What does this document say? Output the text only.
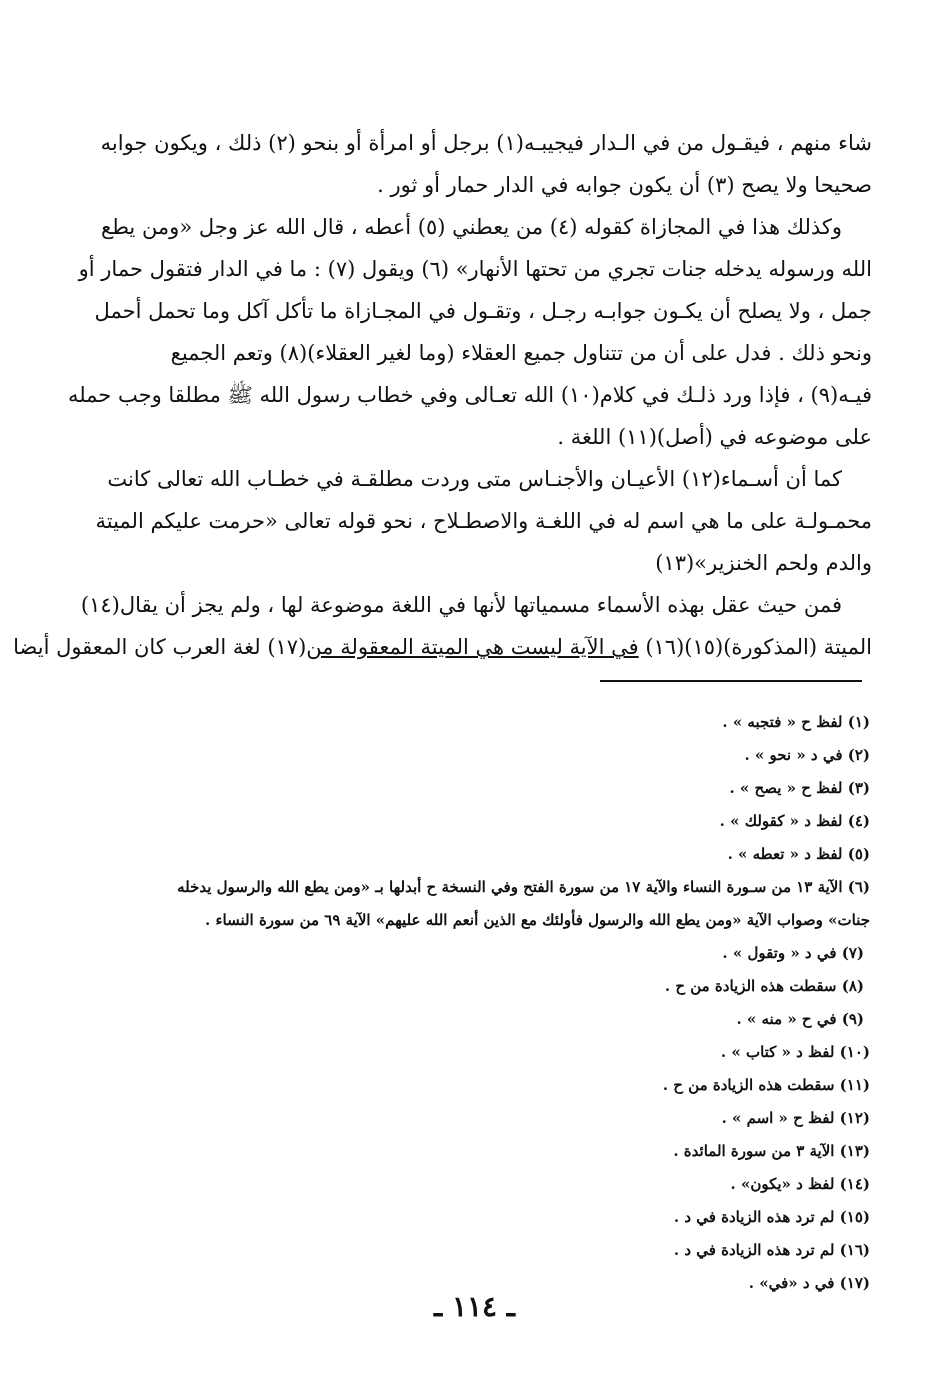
شاء منهم ، فيقـول من في الـدار فيجيبـه(١) برجل أو امرأة أو بنحو (٢) ذلك ، ويكون جوابه
صحيحا ولا يصح (٣) أن يكون جوابه في الدار حمار أو ثور .
وكذلك هذا في المجازاة كقوله (٤) من يعطني (٥) أعطه ، قال الله عز وجل «ومن يطع
الله ورسوله يدخله جنات تجري من تحتها الأنهار» (٦) ويقول (٧) : ما في الدار فتقول حمار أو
جمل ، ولا يصلح أن يكـون جوابـه رجـل ، وتقـول في المجـازاة ما تأكل آكل وما تحمل أحمل
ونحو ذلك . فدل على أن من تتناول جميع العقلاء (وما لغير العقلاء)(٨) وتعم الجميع
فيـه(٩) ، فإذا ورد ذلـك في كلام(١٠) الله تعـالى وفي خطاب رسول الله ﷺ مطلقا وجب حمله
على موضوعه في (أصل)(١١) اللغة .
كما أن أسـماء(١٢) الأعيـان والأجنـاس متى وردت مطلقـة في خطـاب الله تعالى كانت
محمـولـة على ما هي اسم له في اللغـة والاصطـلاح ، نحو قوله تعالى «حرمت عليكم الميتة
والدم ولحم الخنزير»(١٣)
فمن حيث عقل بهذه الأسماء مسمياتها لأنها في اللغة موضوعة لها ، ولم يجز أن يقال(١٤)
الميتة (المذكورة)(١٥)(١٦) في الآية ليست هي الميتة المعقولة من(١٧) لغة العرب كان المعقول أيضا
(١) لفظ ح « فتجبه » .
(٢) في د « نحو » .
(٣) لفظ ح « يصح » .
(٤) لفظ د « كقولك » .
(٥) لفظ د « تعطه » .
(٦) الآية ١٣ من سـورة النساء والآية ١٧ من سورة الفتح وفي النسخة ح أبدلها بـ «ومن يطع الله والرسول يدخله
جنات» وصواب الآية «ومن يطع الله والرسول فأولئك مع الذين أنعم الله عليهم» الآية ٦٩ من سورة النساء .
(٧) في د « وتقول » .
(٨) سقطت هذه الزيادة من ح .
(٩) في ح « منه » .
(١٠) لفظ د « كتاب » .
(١١) سقطت هذه الزيادة من ح .
(١٢) لفظ ح « اسم » .
(١٣) الآية ٣ من سورة المائدة .
(١٤) لفظ د «يكون» .
(١٥) لم ترد هذه الزيادة في د .
(١٦) لم ترد هذه الزيادة في د .
(١٧) في د «في» .
ـ ١١٤ ـ
